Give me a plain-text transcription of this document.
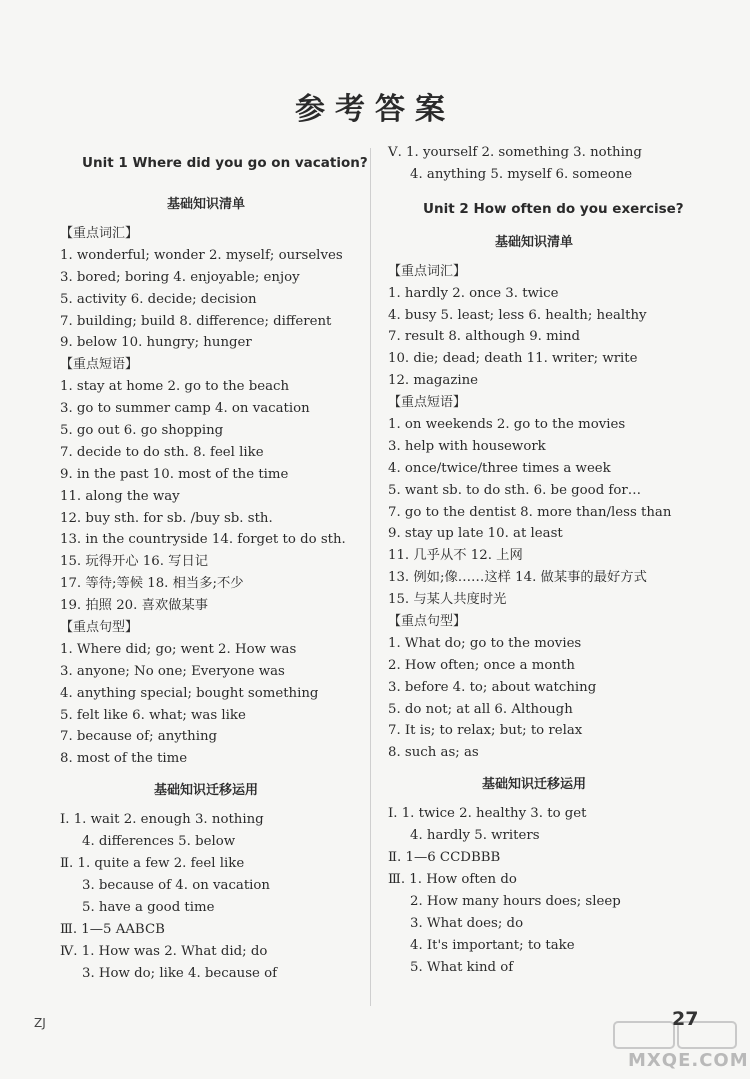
参考答案
Unit 1 Where did you go on vacation?
基础知识清单
【重点词汇】
1. wonderful; wonder 2. myself; ourselves
3. bored; boring 4. enjoyable; enjoy
5. activity 6. decide; decision
7. building; build 8. difference; different
9. below 10. hungry; hunger
【重点短语】
1. stay at home 2. go to the beach
3. go to summer camp 4. on vacation
5. go out 6. go shopping
7. decide to do sth. 8. feel like
9. in the past 10. most of the time
11. along the way
12. buy sth. for sb. /buy sb. sth.
13. in the countryside 14. forget to do sth.
15. 玩得开心 16. 写日记
17. 等待;等候 18. 相当多;不少
19. 拍照 20. 喜欢做某事
【重点句型】
1. Where did; go; went 2. How was
3. anyone; No one; Everyone was
4. anything special; bought something
5. felt like 6. what; was like
7. because of; anything
8. most of the time
基础知识迁移运用
Ⅰ. 1. wait 2. enough 3. nothing
4. differences 5. below
Ⅱ. 1. quite a few 2. feel like
3. because of 4. on vacation
5. have a good time
Ⅲ. 1—5 AABCB
Ⅳ. 1. How was 2. What did; do
3. How do; like 4. because of
Ⅴ. 1. yourself 2. something 3. nothing
4. anything 5. myself 6. someone
Unit 2 How often do you exercise?
基础知识清单
【重点词汇】
1. hardly 2. once 3. twice
4. busy 5. least; less 6. health; healthy
7. result 8. although 9. mind
10. die; dead; death 11. writer; write
12. magazine
【重点短语】
1. on weekends 2. go to the movies
3. help with housework
4. once/twice/three times a week
5. want sb. to do sth. 6. be good for…
7. go to the dentist 8. more than/less than
9. stay up late 10. at least
11. 几乎从不 12. 上网
13. 例如;像……这样 14. 做某事的最好方式
15. 与某人共度时光
【重点句型】
1. What do; go to the movies
2. How often; once a month
3. before 4. to; about watching
5. do not; at all 6. Although
7. It is; to relax; but; to relax
8. such as; as
基础知识迁移运用
Ⅰ. 1. twice 2. healthy 3. to get
4. hardly 5. writers
Ⅱ. 1—6 CCDBBB
Ⅲ. 1. How often do
2. How many hours does; sleep
3. What does; do
4. It's important; to take
5. What kind of
ZJ	27
MXQE.COM
